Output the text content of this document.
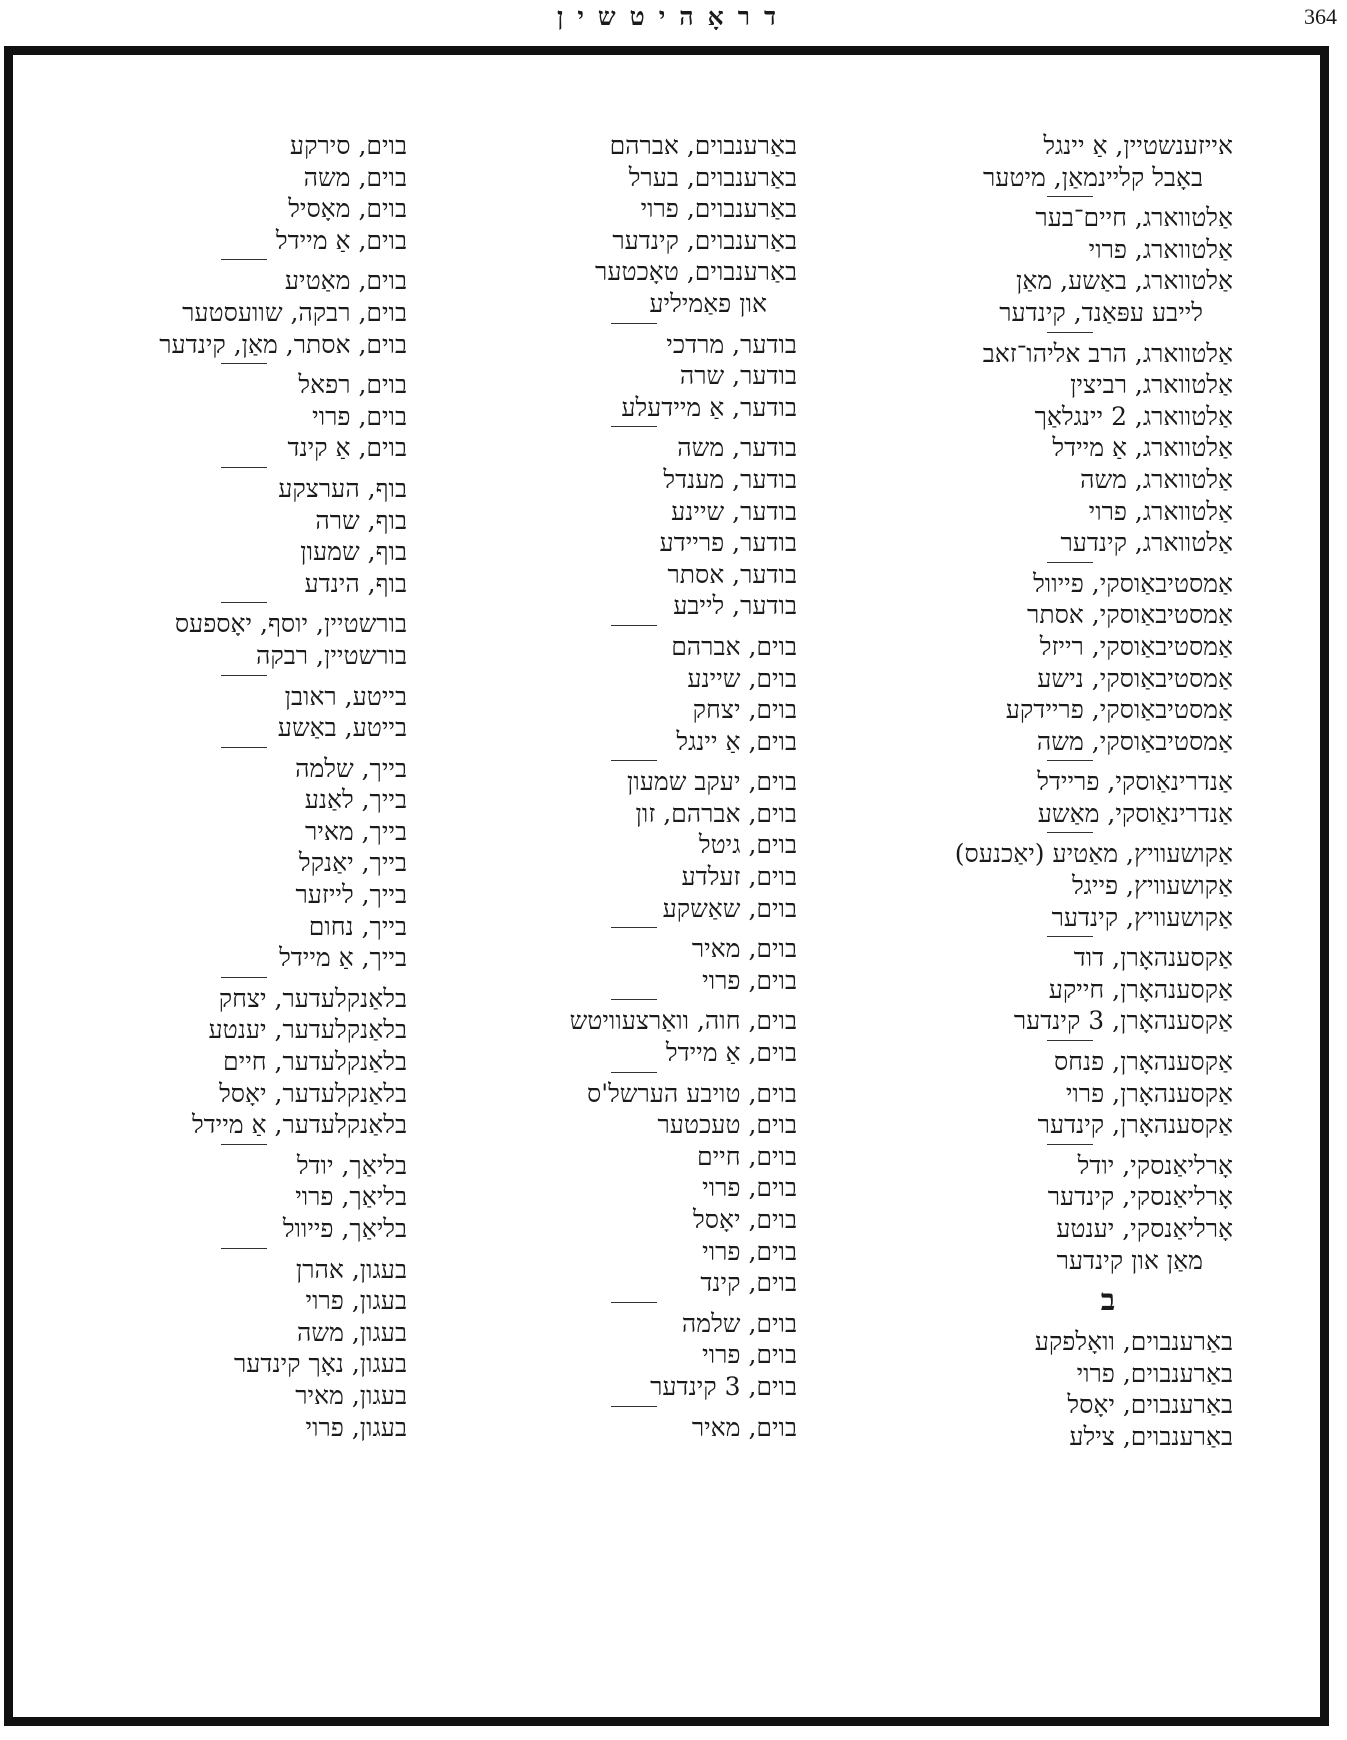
דראָהיטשין	364
אייזענשטיין, אַ יינגל
באָבל קליינמאַן, מיטער
אַלטווארג, חיים־בער
אַלטווארג, פרוי
אַלטווארג, באַשע, מאַן
לייבע עפּאַנד, קינדער
אַלטווארג, הרב אליהו־זאב
אַלטווארג, רביצין
אַלטווארג, 2 יינגלאַך
אַלטווארג, אַ מיידל
אַלטווארג, משה
אַלטווארג, פרוי
אַלטווארג, קינדער
אַמסטיבאַוסקי, פייוול
אַמסטיבאַוסקי, אסתר
אַמסטיבאַוסקי, רייזל
אַמסטיבאַוסקי, נישע
אַמסטיבאַוסקי, פריידקע
אַמסטיבאַוסקי, משה
אַנדרינאַוסקי, פריידל
אַנדרינאַוסקי, מאַשע
אַקושעוויץ, מאַטיע (יאַכנעס)
אַקושעוויץ, פייגל
אַקושעוויץ, קינדער
אַקסענהאָרן, דוד
אַקסענהאָרן, חייקע
אַקסענהאָרן, 3 קינדער
אַקסענהאָרן, פנחס
אַקסענהאָרן, פרוי
אַקסענהאָרן, קינדער
אָרליאַנסקי, יודל
אָרליאַנסקי, קינדער
אָרליאַנסקי, יענטע
מאַן און קינדער
ב
באַרענבוים, וואָלפקע
באַרענבוים, פרוי
באַרענבוים, יאָסל
באַרענבוים, צילע
באַרענבוים, אברהם
באַרענבוים, בערל
באַרענבוים, פרוי
באַרענבוים, קינדער
באַרענבוים, טאָכטער
און פאַמיליע
בודער, מרדכי
בודער, שרה
בודער, אַ מיידעלע
בודער, משה
בודער, מענדל
בודער, שיינע
בודער, פריידע
בודער, אסתר
בודער, לייבע
בוים, אברהם
בוים, שיינע
בוים, יצחק
בוים, אַ יינגל
בוים, יעקב שמעון
בוים, אברהם, זון
בוים, גיטל
בוים, זעלדע
בוים, שאַשקע
בוים, מאיר
בוים, פרוי
בוים, חוה, וואַרצעוויטש
בוים, אַ מיידל
בוים, טויבע הערשל'ס
בוים, טעכטער
בוים, חיים
בוים, פרוי
בוים, יאָסל
בוים, פרוי
בוים, קינד
בוים, שלמה
בוים, פרוי
בוים, 3 קינדער
בוים, מאיר
בוים, סירקע
בוים, משה
בוים, מאָסיל
בוים, אַ מיידל
בוים, מאַטיע
בוים, רבקה, שוועסטער
בוים, אסתר, מאַן, קינדער
בוים, רפאל
בוים, פרוי
בוים, אַ קינד
בוף, הערצקע
בוף, שרה
בוף, שמעון
בוף, הינדע
בורשטיין, יוסף, יאָספעס
בורשטיין, רבקה
בייטע, ראובן
בייטע, באַשע
בייך, שלמה
בייך, לאַנע
בייך, מאיר
בייך, יאַנקל
בייך, לייזער
בייך, נחום
בייך, אַ מיידל
בלאַנקלעדער, יצחק
בלאַנקלעדער, יענטע
בלאַנקלעדער, חיים
בלאַנקלעדער, יאָסל
בלאַנקלעדער, אַ מיידל
בליאַך, יודל
בליאַך, פרוי
בליאַך, פייוול
בעגון, אהרן
בעגון, פרוי
בעגון, משה
בעגון, נאָך קינדער
בעגון, מאיר
בעגון, פרוי
